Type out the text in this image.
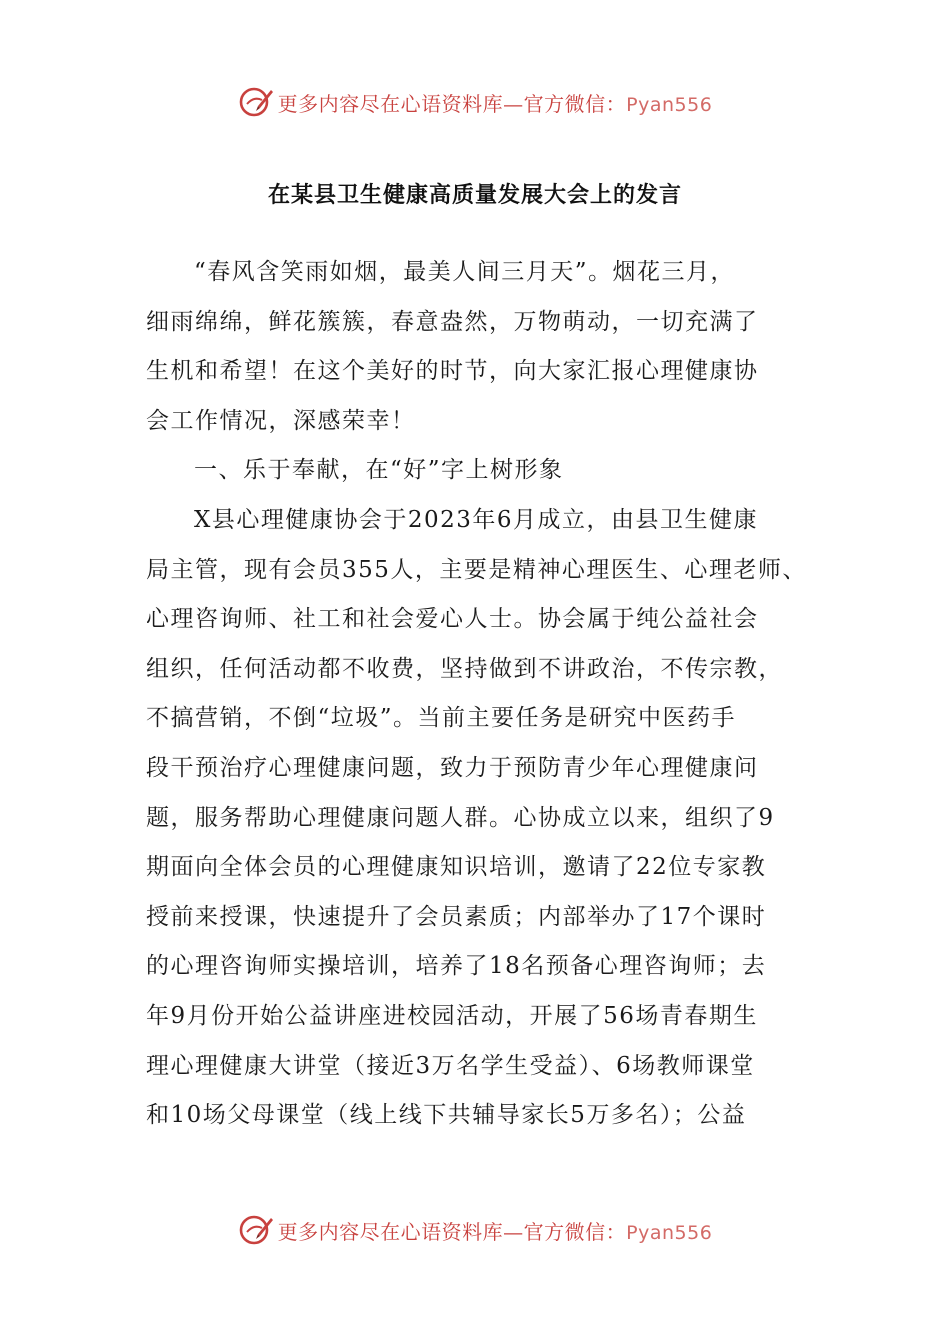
更多内容尽在心语资料库—官方微信：Pyan556
在某县卫生健康高质量发展大会上的发言
“春风含笑雨如烟，最美人间三月天”。烟花三月，
细雨绵绵，鲜花簇簇，春意盎然，万物萌动，一切充满了
生机和希望！在这个美好的时节，向大家汇报心理健康协
会工作情况，深感荣幸！
一、乐于奉献，在“好”字上树形象
X县心理健康协会于2023年6月成立，由县卫生健康
局主管，现有会员355人，主要是精神心理医生、心理老师、
心理咨询师、社工和社会爱心人士。协会属于纯公益社会
组织，任何活动都不收费，坚持做到不讲政治，不传宗教，
不搞营销，不倒“垃圾”。当前主要任务是研究中医药手
段干预治疗心理健康问题，致力于预防青少年心理健康问
题，服务帮助心理健康问题人群。心协成立以来，组织了9
期面向全体会员的心理健康知识培训，邀请了22位专家教
授前来授课，快速提升了会员素质；内部举办了17个课时
的心理咨询师实操培训，培养了18名预备心理咨询师；去
年9月份开始公益讲座进校园活动，开展了56场青春期生
理心理健康大讲堂（接近3万名学生受益）、6场教师课堂
和10场父母课堂（线上线下共辅导家长5万多名）；公益
更多内容尽在心语资料库—官方微信：Pyan556
